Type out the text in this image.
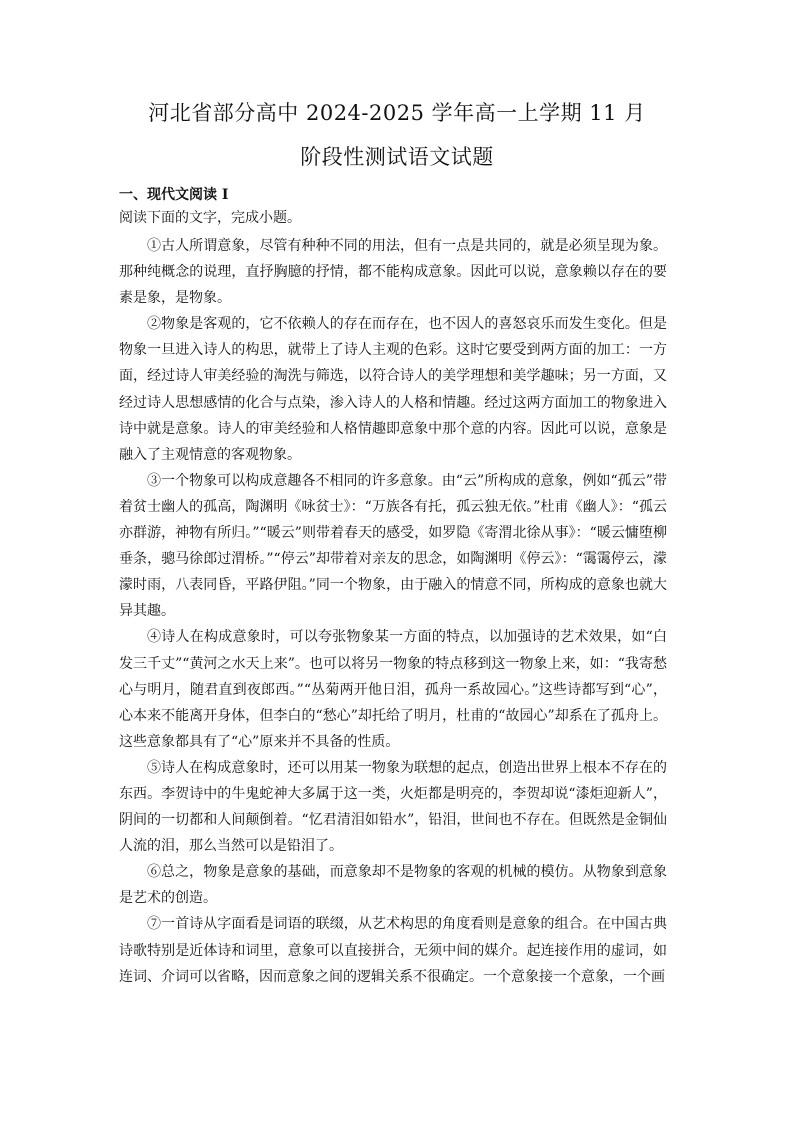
河北省部分高中 2024-2025 学年高一上学期 11 月
阶段性测试语文试题
一、现代文阅读 I
阅读下面的文字，完成小题。

①古人所谓意象，尽管有种种不同的用法，但有一点是共同的，就是必须呈现为象。那种纯概念的说理，直抒胸臆的抒情，都不能构成意象。因此可以说，意象赖以存在的要素是象，是物象。

②物象是客观的，它不依赖人的存在而存在，也不因人的喜怒哀乐而发生变化。但是物象一旦进入诗人的构思，就带上了诗人主观的色彩。这时它要受到两方面的加工：一方面，经过诗人审美经验的淘洗与筛选，以符合诗人的美学理想和美学趣味；另一方面，又经过诗人思想感情的化合与点染，渗入诗人的人格和情趣。经过这两方面加工的物象进入诗中就是意象。诗人的审美经验和人格情趣即意象中那个意的内容。因此可以说，意象是融入了主观情意的客观物象。

③一个物象可以构成意趣各不相同的许多意象。由“云”所构成的意象，例如“孤云”带着贫士幽人的孤高，陶渊明《咏贫士》：“万族各有托，孤云独无依。”杜甫《幽人》：“孤云亦群游，神物有所归。”“暖云”则带着春天的感受，如罗隐《寄渭北徐从事》：“暖云慵堕柳垂条，骢马徐郎过渭桥。”“停云”却带着对亲友的思念，如陶渊明《停云》：“霭霭停云，濛濛时雨，八表同昏，平路伊阻。”同一个物象，由于融入的情意不同，所构成的意象也就大异其趣。

④诗人在构成意象时，可以夸张物象某一方面的特点，以加强诗的艺术效果，如“白发三千丈”“黄河之水天上来”。也可以将另一物象的特点移到这一物象上来，如：“我寄愁心与明月，随君直到夜郎西。”“丛菊两开他日泪，孤舟一系故园心。”这些诗都写到“心”，心本来不能离开身体，但李白的“愁心”却托给了明月，杜甫的“故园心”却系在了孤舟上。这些意象都具有了“心”原来并不具备的性质。

⑤诗人在构成意象时，还可以用某一物象为联想的起点，创造出世界上根本不存在的东西。李贺诗中的牛鬼蛇神大多属于这一类，火炬都是明亮的，李贺却说“漆炬迎新人”，阴间的一切都和人间颠倒着。“忆君清泪如铅水”，铅泪，世间也不存在。但既然是金铜仙人流的泪，那么当然可以是铅泪了。

⑥总之，物象是意象的基础，而意象却不是物象的客观的机械的模仿。从物象到意象是艺术的创造。

⑦一首诗从字面看是词语的联缀，从艺术构思的角度看则是意象的组合。在中国古典诗歌特别是近体诗和词里，意象可以直接拼合，无须中间的媒介。起连接作用的虚词，如连词、介词可以省略，因而意象之间的逻辑关系不很确定。一个意象接一个意象，一个画
